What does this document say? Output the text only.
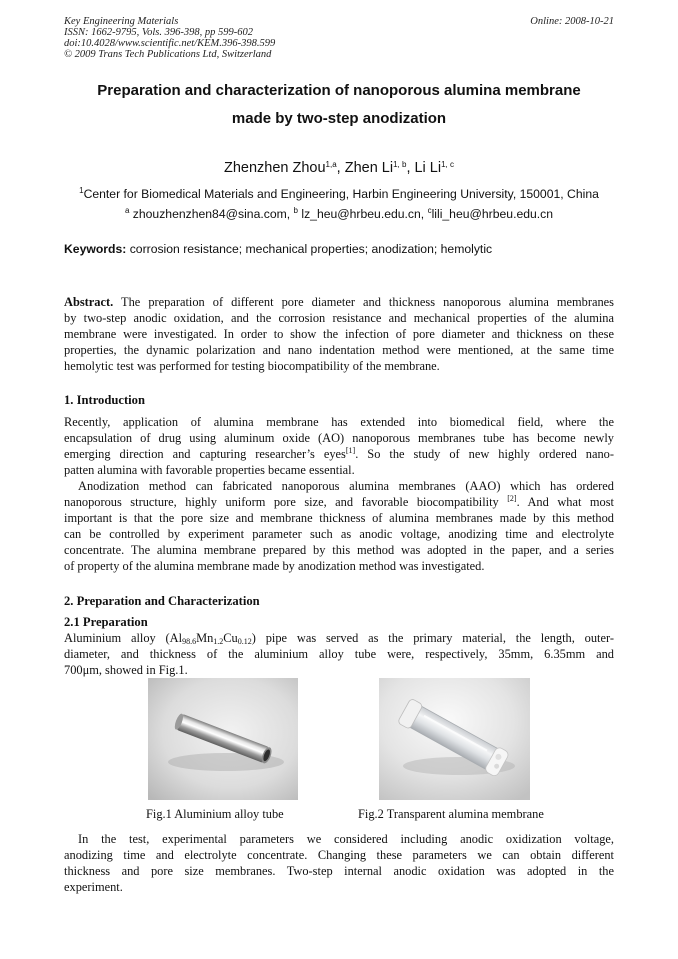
Key Engineering Materials
ISSN: 1662-9795, Vols. 396-398, pp 599-602
doi:10.4028/www.scientific.net/KEM.396-398.599
© 2009 Trans Tech Publications Ltd, Switzerland
Online: 2008-10-21
Preparation and characterization of nanoporous alumina membrane
made by two-step anodization
Zhenzhen Zhou$^{1,a}$, Zhen Li$^{1, b}$, Li Li$^{1, c}$
$^1$Center for Biomedical Materials and Engineering, Harbin Engineering University, 150001, China
$^a$ zhouzhenzhen84@sina.com, $^b$ lz_heu@hrbeu.edu.cn, $^c$lili_heu@hrbeu.edu.cn
Keywords: corrosion resistance; mechanical properties; anodization; hemolytic
Abstract. The preparation of different pore diameter and thickness nanoporous alumina membranes
by two-step anodic oxidation, and the corrosion resistance and mechanical properties of the alumina
membrane were investigated. In order to show the infection of pore diameter and thickness on these
properties, the dynamic polarization and nano indentation method were mentioned, at the same time
hemolytic test was performed for testing biocompatibility of the membrane.
1. Introduction
Recently, application of alumina membrane has extended into biomedical field, where the
encapsulation of drug using aluminum oxide (AO) nanoporous membranes tube has become newly
emerging direction and capturing researcher’s eyes[1]. So the study of new highly ordered nano-
patten alumina with favorable properties became essential.
Anodization method can fabricated nanoporous alumina membranes (AAO) which has ordered
nanoporous structure, highly uniform pore size, and favorable biocompatibility [2]. And what most
important is that the pore size and membrane thickness of alumina membranes made by this method
can be controlled by experiment parameter such as anodic voltage, anodizing time and electrolyte
concentrate. The alumina membrane prepared by this method was adopted in the paper, and a series
of property of the alumina membrane made by anodization method was investigated.
2. Preparation and Characterization
2.1 Preparation
Aluminium alloy $(Al_{98.6}Mn_{1.2}Cu_{0.12})$ pipe was served as the primary material, the length, outer-
diameter, and thickness of the aluminium alloy tube were, respectively, 35mm, 6.35mm and
700μm, showed in Fig.1.
Fig.1 Aluminium alloy tube	Fig.2 Transparent alumina membrane
In the test, experimental parameters we considered including anodic oxidization voltage,
anodizing time and electrolyte concentrate. Changing these parameters we can obtain different
thickness and pore size membranes. Two-step internal anodic oxidation was adopted in the
experiment.
